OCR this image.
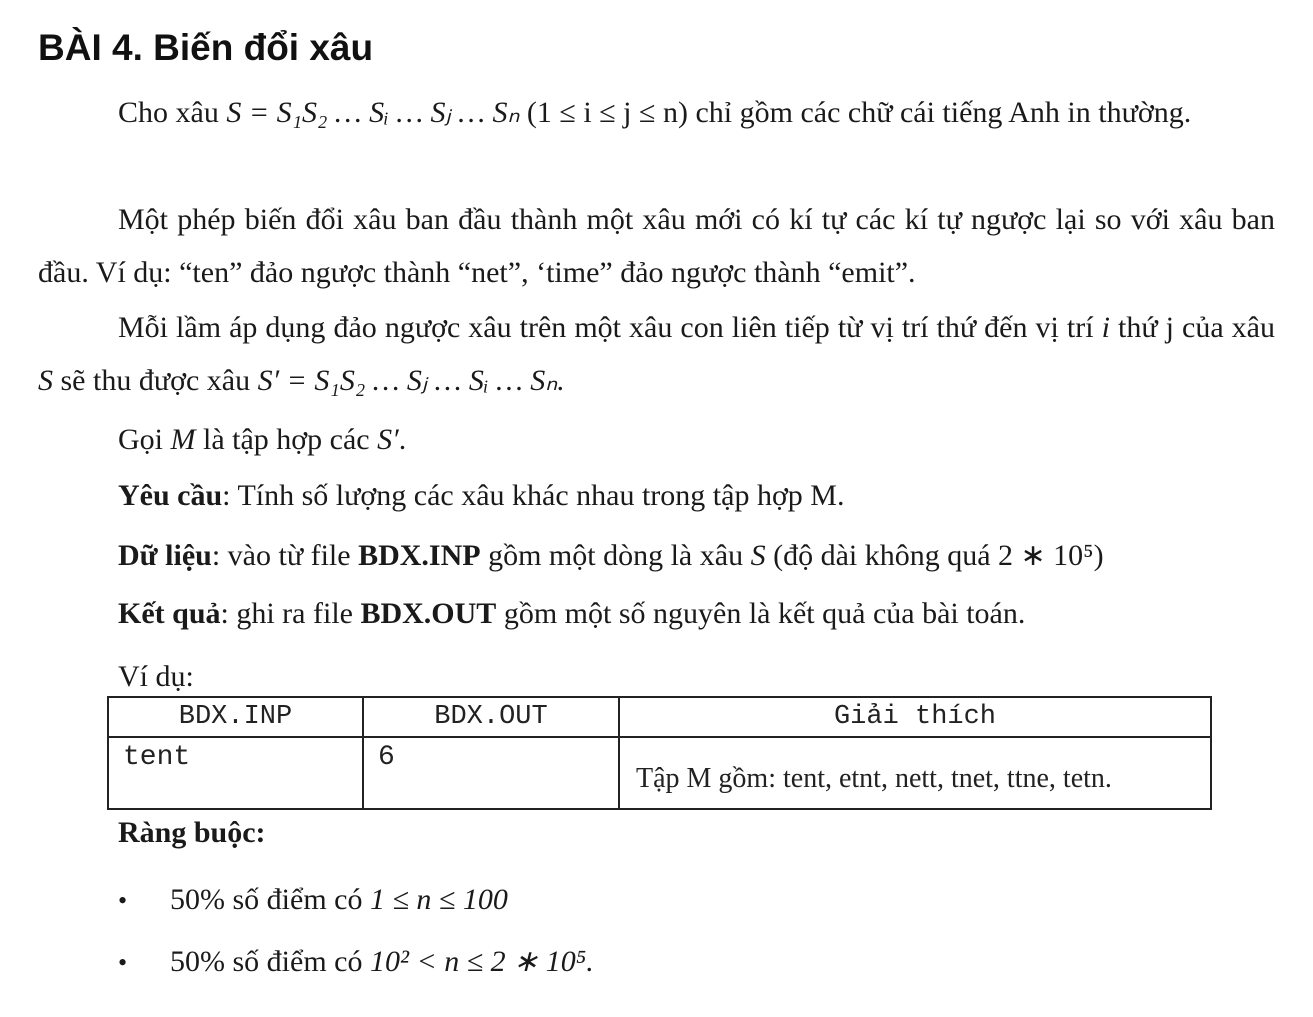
BÀI 4. Biến đổi xâu

Cho xâu S = S₁S₂ … Sᵢ … Sⱼ … Sₙ (1 ≤ i ≤ j ≤ n) chỉ gồm các chữ cái tiếng Anh in thường.

Một phép biến đổi xâu ban đầu thành một xâu mới có kí tự các kí tự ngược lại so với xâu ban đầu. Ví dụ: “ten” đảo ngược thành “net”, ‘time” đảo ngược thành “emit”.

Mỗi lầm áp dụng đảo ngược xâu trên một xâu con liên tiếp từ vị trí thứ đến vị trí i thứ j của xâu S sẽ thu được xâu S′ = S₁S₂ … Sⱼ … Sᵢ … Sₙ.

Gọi M là tập hợp các S′.

Yêu cầu: Tính số lượng các xâu khác nhau trong tập hợp M.

Dữ liệu: vào từ file BDX.INP gồm một dòng là xâu S (độ dài không quá 2 ∗ 10⁵)

Kết quả: ghi ra file BDX.OUT gồm một số nguyên là kết quả của bài toán.

Ví dụ:

BDX.INP	BDX.OUT	Giải thích
tent	6	Tập M gồm: tent, etnt, nett, tnet, ttne, tetn.

Ràng buộc:

• 50% số điểm có 1 ≤ n ≤ 100
• 50% số điểm có 10² < n ≤ 2 ∗ 10⁵.
